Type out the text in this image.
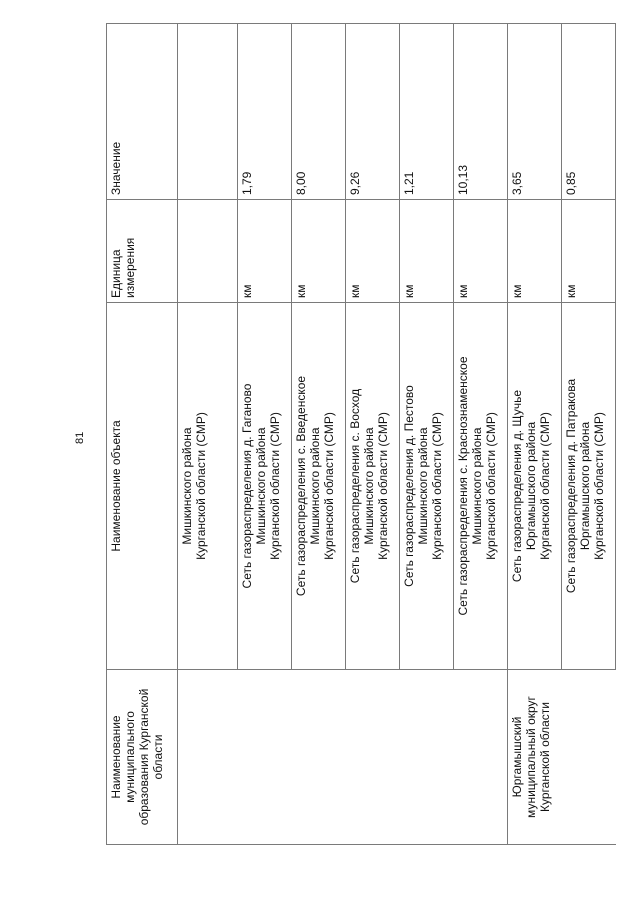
81
Наименование
муниципального
образования Курганской
области	Наименование объекта	Единица
измерения	Значение
	Мишкинского района
Курганской области (СМР)		
	Сеть газораспределения д. Гаганово
Мишкинского района
Курганской области (СМР)	км	1,79
	Сеть газораспределения с. Введенское
Мишкинского района
Курганской области (СМР)	км	8,00
	Сеть газораспределения с. Восход
Мишкинского района
Курганской области (СМР)	км	9,26
	Сеть газораспределения д. Пестово
Мишкинского района
Курганской области (СМР)	км	1,21
	Сеть газораспределения с. Краснознаменское
Мишкинского района
Курганской области (СМР)	км	10,13
Юргамышский
муниципальный округ
Курганской области	Сеть газораспределения д. Щучье
Юргамышского района
Курганской области (СМР)	км	3,65
	Сеть газораспределения д. Патракова
Юргамышского района
Курганской области (СМР)	км	0,85
